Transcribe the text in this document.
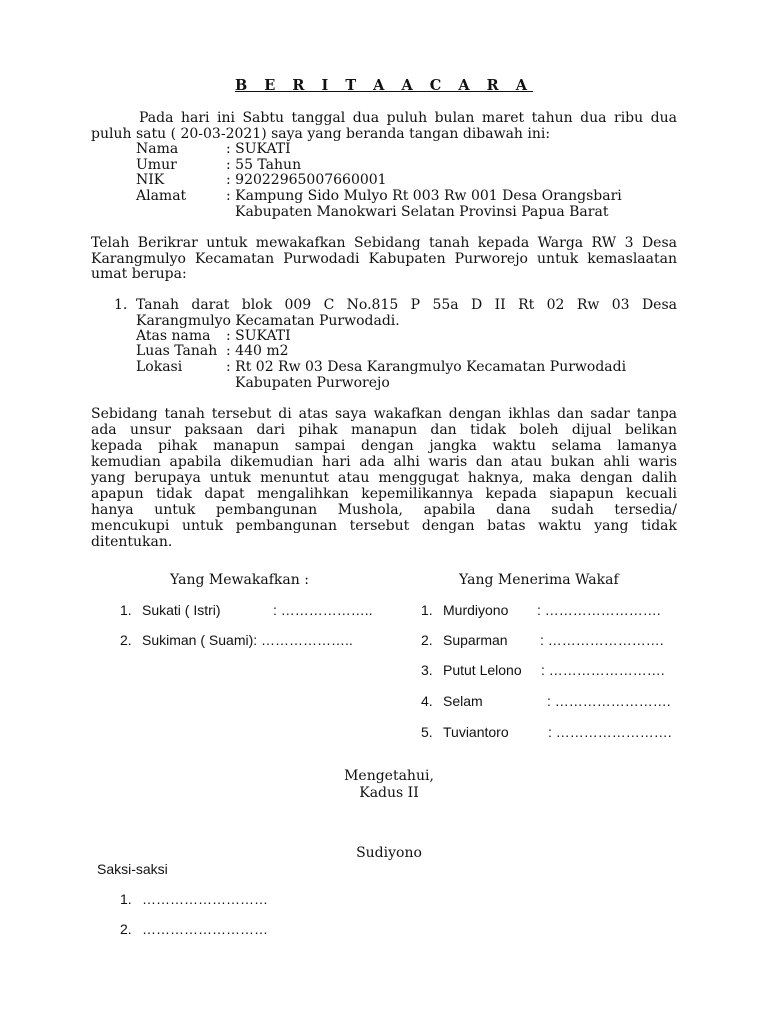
B E R I T A A C A R A
Pada hari ini Sabtu tanggal dua puluh bulan maret tahun dua ribu dua
puluh satu ( 20-03-2021) saya yang beranda tangan dibawah ini:
Nama	: SUKATI
Umur	: 55 Tahun
NIK	: 92022965007660001
Alamat	: Kampung Sido Mulyo Rt 003 Rw 001 Desa Orangsbari
Kabupaten Manokwari Selatan Provinsi Papua Barat
Telah Berikrar untuk mewakafkan Sebidang tanah kepada Warga RW 3 Desa
Karangmulyo Kecamatan Purwodadi Kabupaten Purworejo untuk kemaslaatan
umat berupa:
1. Tanah darat blok 009 C No.815 P 55a D II Rt 02 Rw 03 Desa
Karangmulyo Kecamatan Purwodadi.
Atas nama : SUKATI
Luas Tanah : 440 m2
Lokasi	: Rt 02 Rw 03 Desa Karangmulyo Kecamatan Purwodadi
Kabupaten Purworejo
Sebidang tanah tersebut di atas saya wakafkan dengan ikhlas dan sadar tanpa
ada unsur paksaan dari pihak manapun dan tidak boleh dijual belikan
kepada pihak manapun sampai dengan jangka waktu selama lamanya
kemudian apabila dikemudian hari ada alhi waris dan atau bukan ahli waris
yang berupaya untuk menuntut atau menggugat haknya, maka dengan dalih
apapun tidak dapat mengalihkan kepemilikannya kepada siapapun kecuali
hanya untuk pembangunan Mushola, apabila dana sudah tersedia/
mencukupi untuk pembangunan tersebut dengan batas waktu yang tidak
ditentukan.
Yang Mewakafkan :
1. Sukati ( Istri)	: ………………..
2. Sukiman ( Suami): ………………..
Yang Menerima Wakaf
1. Murdiyono : …………………….
2. Suparman : …………………….
3. Putut Lelono : …………………….
4. Selam	: …………………….
5. Tuviantoro	: …………………….
Mengetahui,
Kadus II
Sudiyono
Saksi-saksi
1. ………………………
2. ………………………
